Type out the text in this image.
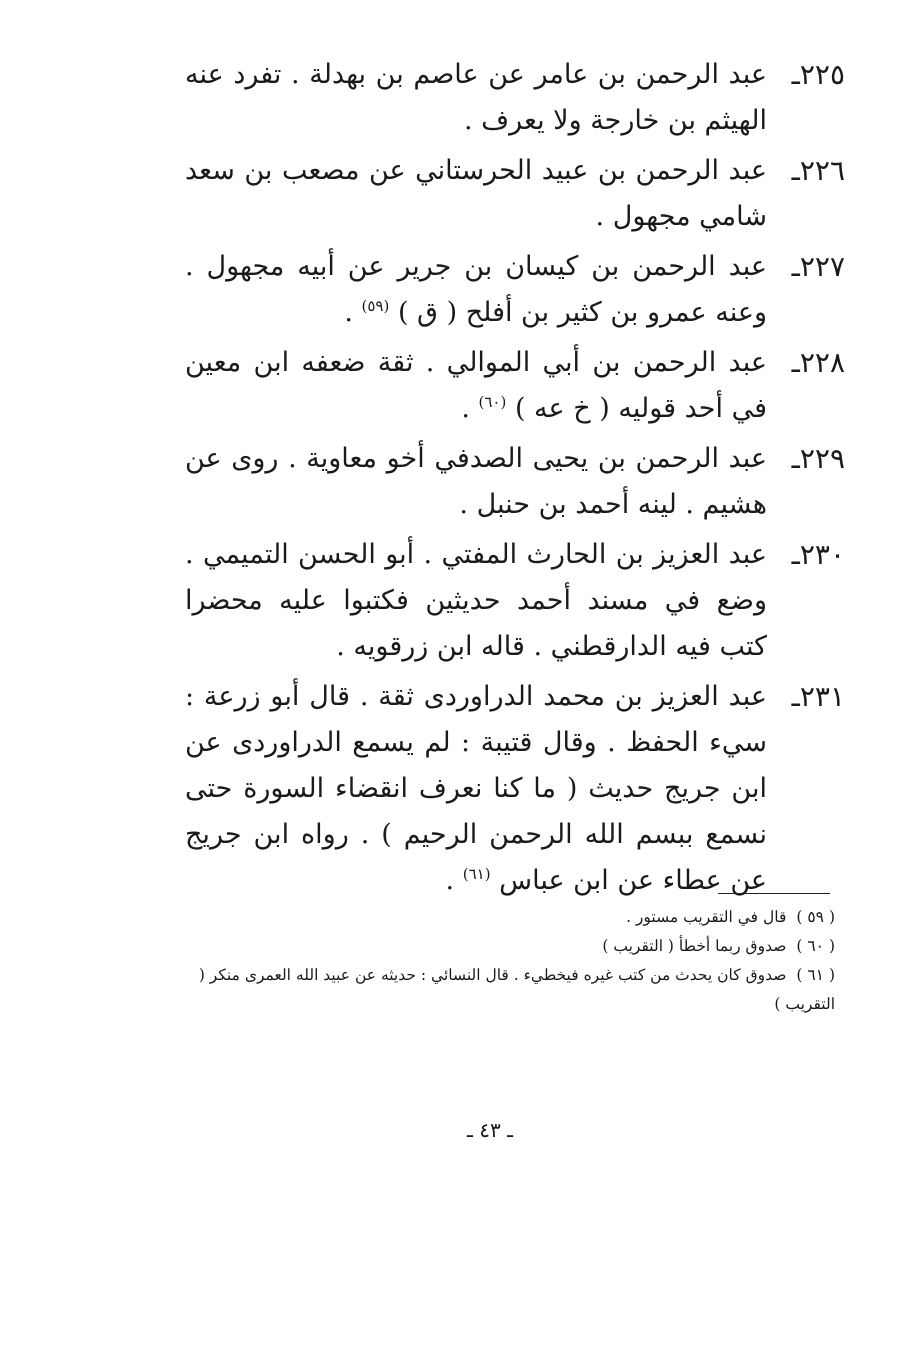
٢٢٥ـ
عبد الرحمن بن عامر عن عاصم بن بهدلة . تفرد عنه الهيثم بن خارجة ولا يعرف .
٢٢٦ـ
عبد الرحمن بن عبيد الحرستاني عن مصعب بن سعد شامي مجهول .
٢٢٧ـ
عبد الرحمن بن كيسان بن جرير عن أبيه مجهول . وعنه عمرو بن كثير بن أفلح ( ق ) $^{(٥٩)}$ .
٢٢٨ـ
عبد الرحمن بن أبي الموالي . ثقة ضعفه ابن معين في أحد قوليه ( خ عه ) $^{(٦٠)}$ .
٢٢٩ـ
عبد الرحمن بن يحيى الصدفي أخو معاوية . روى عن هشيم . لينه أحمد بن حنبل .
٢٣٠ـ
عبد العزيز بن الحارث المفتي . أبو الحسن التميمي . وضع في مسند أحمد حديثين فكتبوا عليه محضرا كتب فيه الدارقطني . قاله ابن زرقويه .
٢٣١ـ
عبد العزيز بن محمد الدراوردى ثقة . قال أبو زرعة : سيء الحفظ . وقال قتيبة : لم يسمع الدراوردى عن ابن جريج حديث ( ما كنا نعرف انقضاء السورة حتى نسمع ببسم الله الرحمن الرحيم ) . رواه ابن جريج عن عطاء عن ابن عباس $^{(٦١)}$ .
( ٥٩ )قال في التقريب مستور .
( ٦٠ )صدوق ربما أخطأ ( التقريب )
( ٦١ )صدوق كان يحدث من كتب غيره فيخطيء . قال النسائي : حديثه عن عبيد الله العمرى منكر ( التقريب )
ـ ٤٣ ـ
